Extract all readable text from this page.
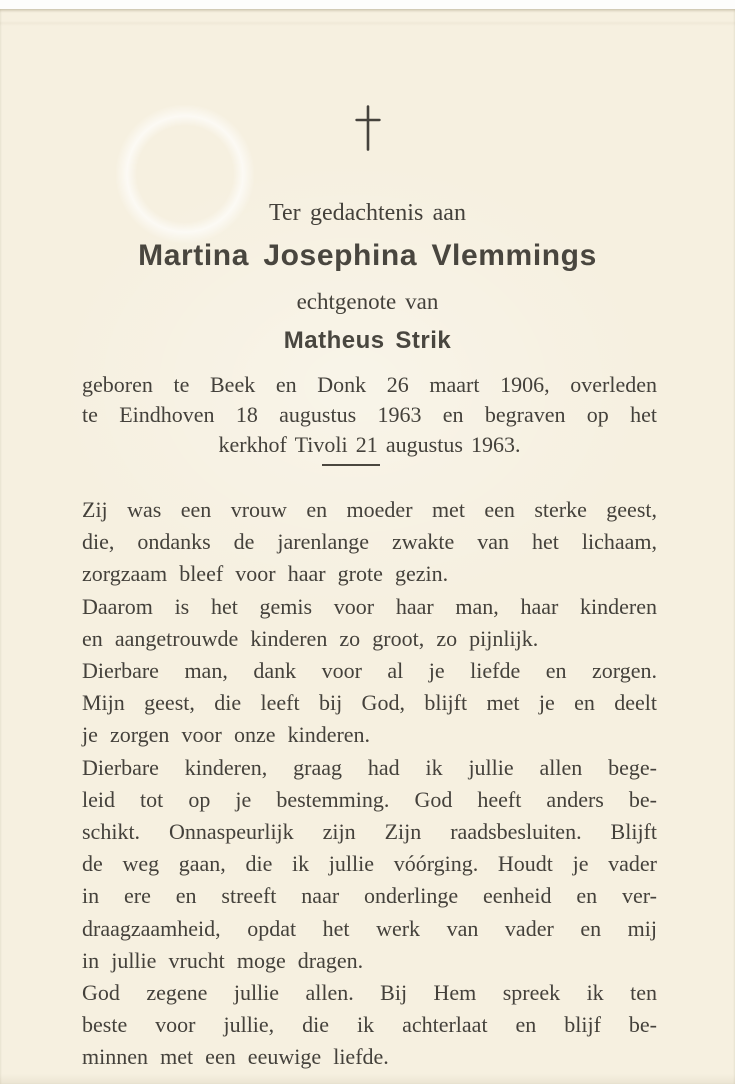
Ter gedachtenis aan
Martina Josephina Vlemmings
echtgenote van
Matheus Strik
geboren te Beek en Donk 26 maart 1906, overleden
te Eindhoven 18 augustus 1963 en begraven op het
kerkhof Tivoli 21 augustus 1963.
Zij was een vrouw en moeder met een sterke geest,
die, ondanks de jarenlange zwakte van het lichaam,
zorgzaam bleef voor haar grote gezin.
Daarom is het gemis voor haar man, haar kinderen
en aangetrouwde kinderen zo groot, zo pijnlijk.
Dierbare man, dank voor al je liefde en zorgen.
Mijn geest, die leeft bij God, blijft met je en deelt
je zorgen voor onze kinderen.
Dierbare kinderen, graag had ik jullie allen bege-
leid tot op je bestemming. God heeft anders be-
schikt. Onnaspeurlijk zijn Zijn raadsbesluiten. Blijft
de weg gaan, die ik jullie vóórging. Houdt je vader
in ere en streeft naar onderlinge eenheid en ver-
draagzaamheid, opdat het werk van vader en mij
in jullie vrucht moge dragen.
God zegene jullie allen. Bij Hem spreek ik ten
beste voor jullie, die ik achterlaat en blijf be-
minnen met een eeuwige liefde.
